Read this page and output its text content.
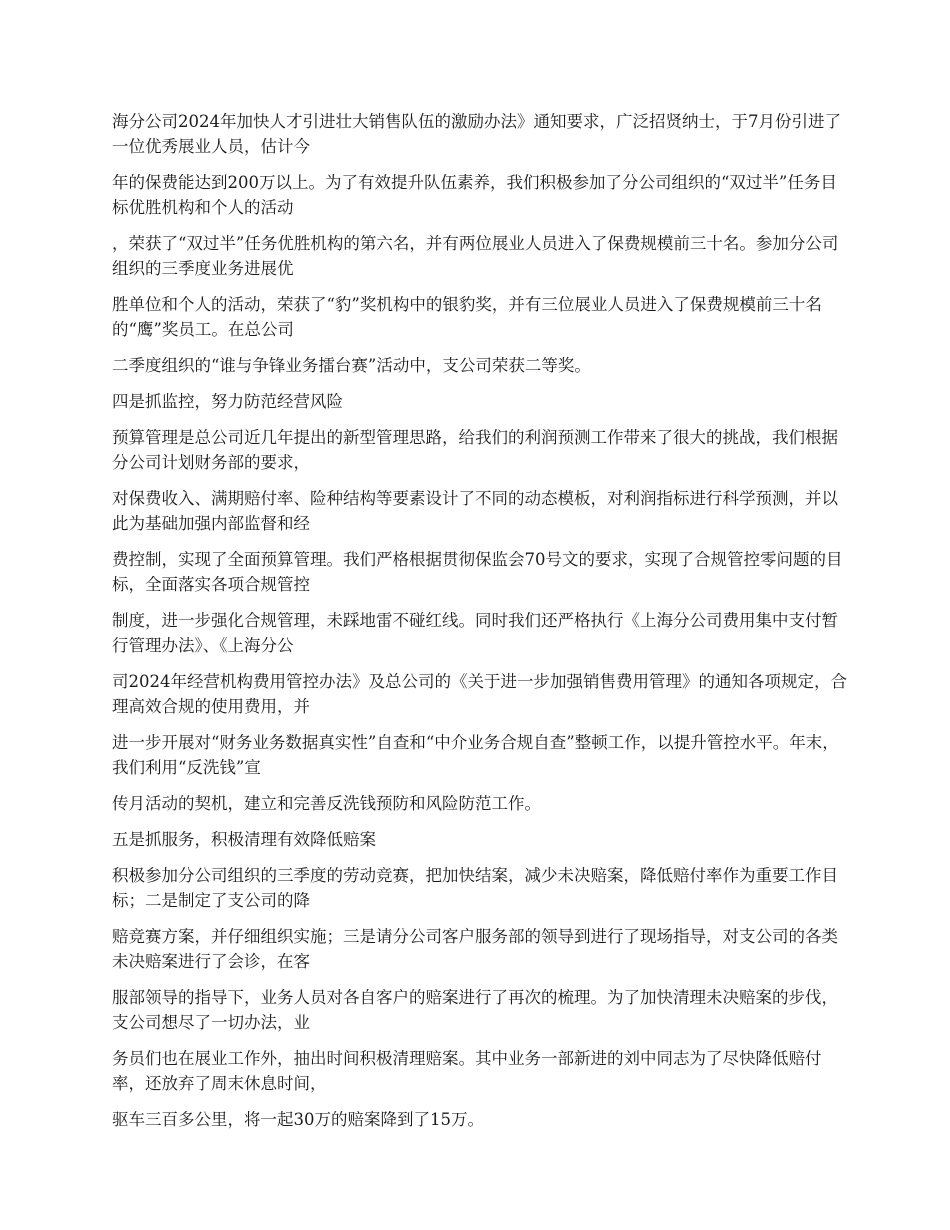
海分公司2024年加快人才引进壮大销售队伍的激励办法》通知要求，广泛招贤纳士，于7月份引进了一位优秀展业人员，估计今

年的保费能达到200万以上。为了有效提升队伍素养，我们积极参加了分公司组织的“双过半”任务目标优胜机构和个人的活动

，荣获了“双过半”任务优胜机构的第六名，并有两位展业人员进入了保费规模前三十名。参加分公司组织的三季度业务进展优

胜单位和个人的活动，荣获了“豹”奖机构中的银豹奖，并有三位展业人员进入了保费规模前三十名的“鹰”奖员工。在总公司

二季度组织的“谁与争锋业务擂台赛”活动中，支公司荣获二等奖。

四是抓监控，努力防范经营风险

预算管理是总公司近几年提出的新型管理思路，给我们的利润预测工作带来了很大的挑战，我们根据分公司计划财务部的要求，

对保费收入、满期赔付率、险种结构等要素设计了不同的动态模板，对利润指标进行科学预测，并以此为基础加强内部监督和经

费控制，实现了全面预算管理。我们严格根据贯彻保监会70号文的要求，实现了合规管控零问题的目标，全面落实各项合规管控

制度，进一步强化合规管理，未踩地雷不碰红线。同时我们还严格执行《上海分公司费用集中支付暂行管理办法》、《上海分公

司2024年经营机构费用管控办法》及总公司的《关于进一步加强销售费用管理》的通知各项规定，合理高效合规的使用费用，并

进一步开展对“财务业务数据真实性”自查和“中介业务合规自查”整顿工作，以提升管控水平。年末，我们利用“反洗钱”宣

传月活动的契机，建立和完善反洗钱预防和风险防范工作。

五是抓服务，积极清理有效降低赔案

积极参加分公司组织的三季度的劳动竞赛，把加快结案，减少未决赔案，降低赔付率作为重要工作目标；二是制定了支公司的降

赔竞赛方案，并仔细组织实施；三是请分公司客户服务部的领导到进行了现场指导，对支公司的各类未决赔案进行了会诊，在客

服部领导的指导下，业务人员对各自客户的赔案进行了再次的梳理。为了加快清理未决赔案的步伐，支公司想尽了一切办法，业

务员们也在展业工作外，抽出时间积极清理赔案。其中业务一部新进的刘中同志为了尽快降低赔付率，还放弃了周末休息时间，

驱车三百多公里，将一起30万的赔案降到了15万。
